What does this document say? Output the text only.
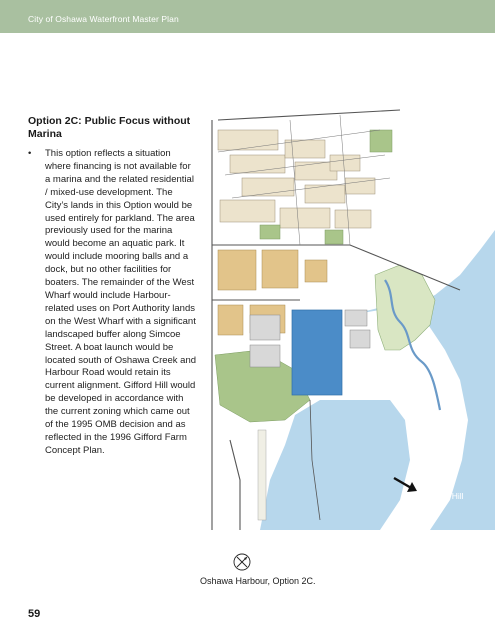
City of Oshawa Waterfront Master Plan
Option 2C: Public Focus without Marina
• This option reflects a situation where financing is not available for a marina and the related residential / mixed-use development. The City’s lands in this Option would be used entirely for parkland. The area previously used for the marina would become an aquatic park. It would include mooring balls and a dock, but no other facilities for boaters. The remainder of the West Wharf would include Harbour-related uses on Port Authority lands on the West Wharf with a significant landscaped buffer along Simcoe Street. A boat launch would be located south of Oshawa Creek and Harbour Road would retain its current alignment. Gifford Hill would be developed in accordance with the current zoning which came out of the 1995 OMB decision and as reflected in the 1996 Gifford Farm Concept Plan.
Gifford Hill
Oshawa Harbour, Option 2C.
59
